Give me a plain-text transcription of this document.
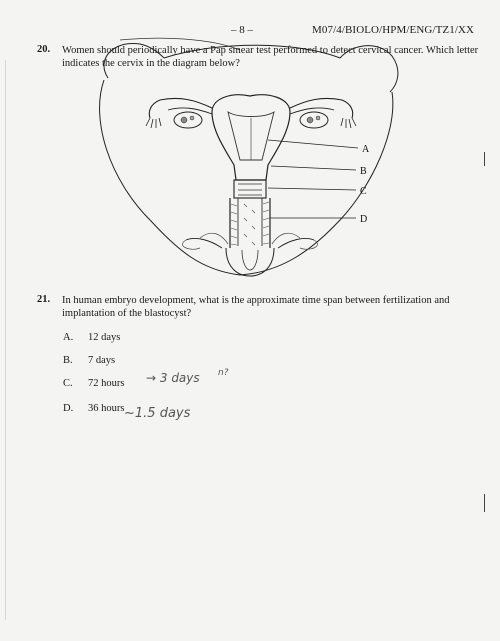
– 8 –	M07/4/BIOLO/HPM/ENG/TZ1/XX
A
B
C
D
20. Women should periodically have a Pap smear test performed to detect cervical cancer. Which letter
indicates the cervix in the diagram below?
21. In human embryo development, what is the approximate time span between fertilization and
implantation of the blastocyst?
A. 12 days
B. 7 days
C. 72 hours
D. 36 hours
→ 3 days n?
~1.5 days
